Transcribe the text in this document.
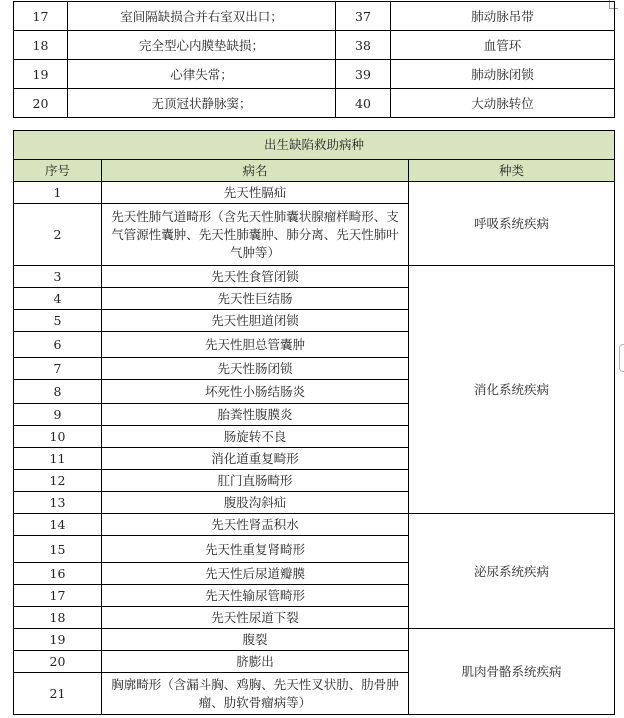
17	室间隔缺损合并右室双出口；	37	肺动脉吊带
18	完全型心内膜垫缺损；	38	血管环
19	心律失常；	39	肺动脉闭锁
20	无顶冠状静脉窦；	40	大动脉转位
出生缺陷救助病种		
序号	病名	种类
1	先天性膈疝	呼吸系统疾病
2	先天性肺气道畸形（含先天性肺囊状腺瘤样畸形、支气管源性囊肿、先天性肺囊肿、肺分离、先天性肺叶气肿等）	
3	先天性食管闭锁	消化系统疾病
4	先天性巨结肠	
5	先天性胆道闭锁	
6	先天性胆总管囊肿	
7	先天性肠闭锁	
8	坏死性小肠结肠炎	
9	胎粪性腹膜炎	
10	肠旋转不良	
11	消化道重复畸形	
12	肛门直肠畸形	
13	腹股沟斜疝	
14	先天性肾盂积水	泌尿系统疾病
15	先天性重复肾畸形	
16	先天性后尿道瓣膜	
17	先天性输尿管畸形	
18	先天性尿道下裂	
19	腹裂	肌肉骨骼系统疾病
20	脐膨出	
21	胸廓畸形（含漏斗胸、鸡胸、先天性叉状肋、肋骨肿瘤、肋软骨瘤病等）	
